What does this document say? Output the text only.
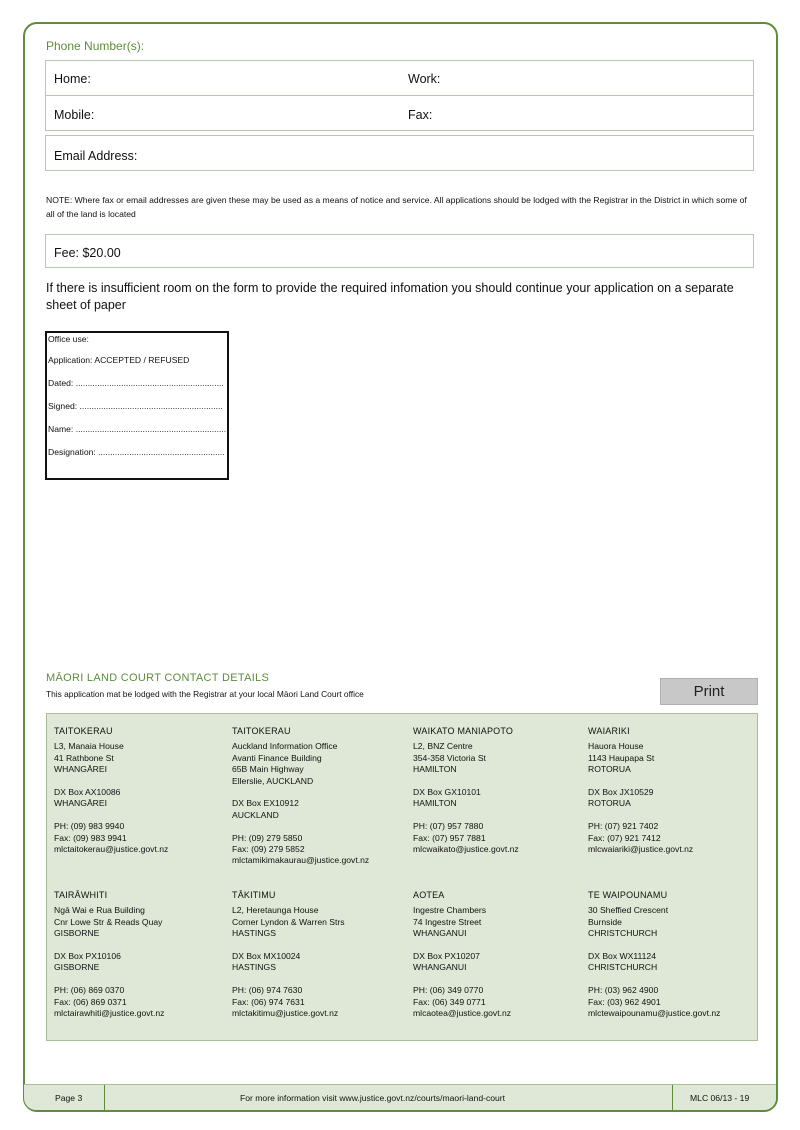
Phone Number(s):
Home:	Work:
Mobile:	Fax:
Email Address:
NOTE: Where fax or email addresses are given these may be used as a means of notice and service. All applications should be lodged with the Registrar in the District in which some of all of the land is located
Fee: $20.00
If there is insufficient room on the form to provide the required infomation you should continue your application on a separate sheet of paper
Office use:
Application: ACCEPTED / REFUSED
Dated: ..............................................................
Signed: ............................................................
Name: ...............................................................
Designation: .....................................................
MĀORI LAND COURT CONTACT DETAILS
This application mat be lodged with the Registrar at your local Māori Land Court office	Print
TAITOKERAU
L3, Manaia House
41 Rathbone St
WHANGĀREI
DX Box AX10086
WHANGĀREI
PH: (09) 983 9940
Fax: (09) 983 9941
mlctaitokerau@justice.govt.nz
TAITOKERAU
Auckland Information Office
Avanti Finance Building
65B Main Highway
Ellerslie, AUCKLAND
DX Box EX10912
AUCKLAND
PH: (09) 279 5850
Fax: (09) 279 5852
mlctamikimakaurau@justice.govt.nz
WAIKATO MANIAPOTO
L2, BNZ Centre
354-358 Victoria St
HAMILTON
DX Box GX10101
HAMILTON
PH: (07) 957 7880
Fax: (07) 957 7881
mlcwaikato@justice.govt.nz
WAIARIKI
Hauora House
1143 Haupapa St
ROTORUA
DX Box JX10529
ROTORUA
PH: (07) 921 7402
Fax: (07) 921 7412
mlcwaiariki@justice.govt.nz
TAIRĀWHITI
Ngā Wai e Rua Building
Cnr Lowe Str & Reads Quay
GISBORNE
DX Box PX10106
GISBORNE
PH: (06) 869 0370
Fax: (06) 869 0371
mlctairawhiti@justice.govt.nz
TĀKITIMU
L2, Heretaunga House
Corner Lyndon & Warren Strs
HASTINGS
DX Box MX10024
HASTINGS
PH: (06) 974 7630
Fax: (06) 974 7631
mlctakitimu@justice.govt.nz
AOTEA
Ingestre Chambers
74 Ingestre Street
WHANGANUI
DX Box PX10207
WHANGANUI
PH: (06) 349 0770
Fax: (06) 349 0771
mlcaotea@justice.govt.nz
TE WAIPOUNAMU
30 Sheffied Crescent
Burnside
CHRISTCHURCH
DX Box WX11124
CHRISTCHURCH
PH: (03) 962 4900
Fax: (03) 962 4901
mlctewaipounamu@justice.govt.nz
Page 3	For more information visit www.justice.govt.nz/courts/maori-land-court	MLC 06/13 - 19
